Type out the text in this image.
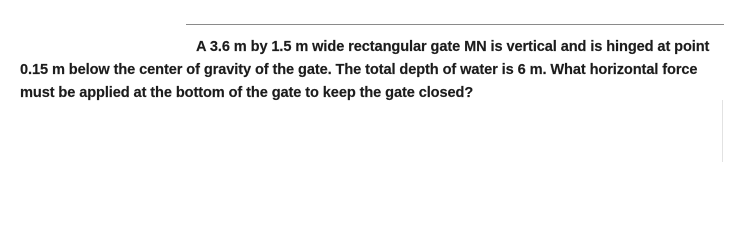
A 3.6 m by 1.5 m wide rectangular gate MN is vertical and is hinged at point
0.15 m below the center of gravity of the gate. The total depth of water is 6 m. What horizontal force
must be applied at the bottom of the gate to keep the gate closed?
